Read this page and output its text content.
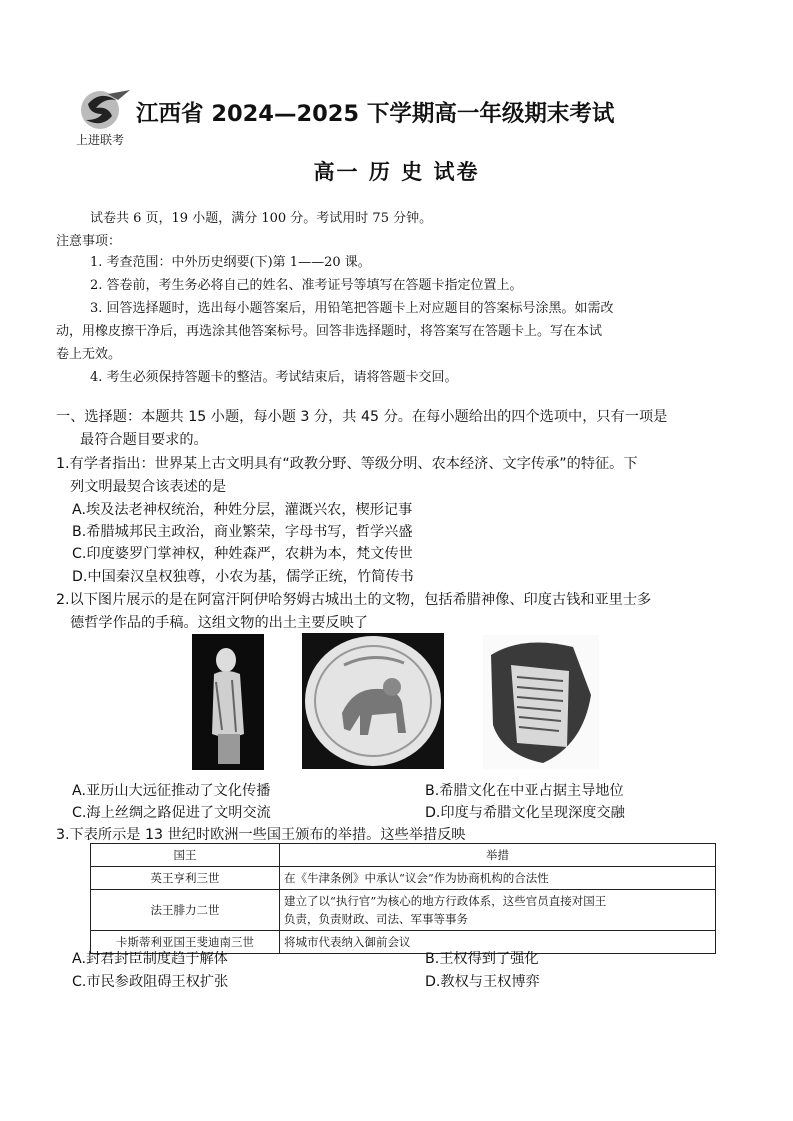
上进联考
江西省 2024—2025 下学期高一年级期末考试
高一 历 史 试卷
试卷共 6 页，19 小题，满分 100 分。考试用时 75 分钟。
注意事项：
1. 考查范围：中外历史纲要(下)第 1——20 课。
2. 答卷前，考生务必将自己的姓名、准考证号等填写在答题卡指定位置上。
3. 回答选择题时，选出每小题答案后，用铅笔把答题卡上对应题目的答案标号涂黑。如需改
动，用橡皮擦干净后，再选涂其他答案标号。回答非选择题时，将答案写在答题卡上。写在本试
卷上无效。
4. 考生必须保持答题卡的整洁。考试结束后，请将答题卡交回。
一、选择题：本题共 15 小题，每小题 3 分，共 45 分。在每小题给出的四个选项中，只有一项是
最符合题目要求的。
1.有学者指出：世界某上古文明具有“政教分野、等级分明、农本经济、文字传承”的特征。下
列文明最契合该表述的是
A.埃及法老神权统治，种姓分层，灌溉兴农，楔形记事
B.希腊城邦民主政治，商业繁荣，字母书写，哲学兴盛
C.印度婆罗门掌神权，种姓森严，农耕为本，梵文传世
D.中国秦汉皇权独尊，小农为基，儒学正统，竹简传书
2.以下图片展示的是在阿富汗阿伊哈努姆古城出土的文物，包括希腊神像、印度古钱和亚里士多
德哲学作品的手稿。这组文物的出土主要反映了
A.亚历山大远征推动了文化传播	B.希腊文化在中亚占据主导地位
C.海上丝绸之路促进了文明交流	D.印度与希腊文化呈现深度交融
3.下表所示是 13 世纪时欧洲一些国王颁布的举措。这些举措反映
国王	举措
英王亨利三世	在《牛津条例》中承认“议会”作为协商机构的合法性
法王腓力二世	建立了以“执行官”为核心的地方行政体系，这些官员直接对国王
负责，负责财政、司法、军事等事务

卡斯蒂利亚国王斐迪南三世	将城市代表纳入御前会议
A.封君封臣制度趋于解体	B.王权得到了强化
C.市民参政阻碍王权扩张	D.教权与王权博弈
